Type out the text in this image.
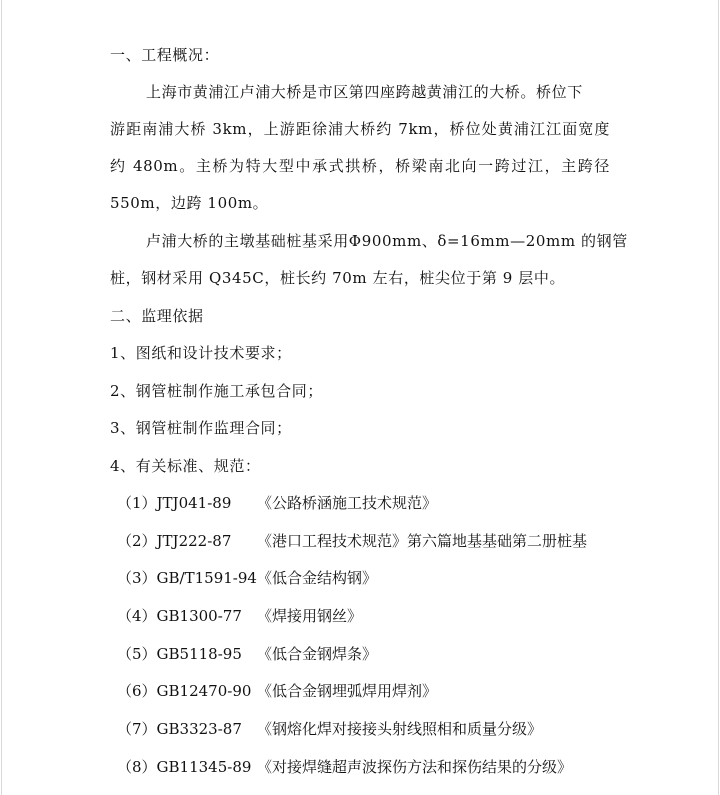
一、工程概况：
上海市黄浦江卢浦大桥是市区第四座跨越黄浦江的大桥。桥位下
游距南浦大桥 3km，上游距徐浦大桥约 7km，桥位处黄浦江江面宽度
约 480m。主桥为特大型中承式拱桥，桥梁南北向一跨过江，主跨径
550m，边跨 100m。
卢浦大桥的主墩基础桩基采用Φ900mm、δ=16mm—20mm 的钢管
桩，钢材采用 Q345C，桩长约 70m 左右，桩尖位于第 9 层中。
二、监理依据
1、图纸和设计技术要求；
2、钢管桩制作施工承包合同；
3、钢管桩制作监理合同；
4、有关标准、规范：
（1）JTJ041-89 《公路桥涵施工技术规范》
（2）JTJ222-87 《港口工程技术规范》第六篇地基基础第二册桩基
（3）GB/T1591-94《低合金结构钢》
（4）GB1300-77 《焊接用钢丝》
（5）GB5118-95 《低合金钢焊条》
（6）GB12470-90 《低合金钢埋弧焊用焊剂》
（7）GB3323-87 《钢熔化焊对接接头射线照相和质量分级》
（8）GB11345-89 《对接焊缝超声波探伤方法和探伤结果的分级》
